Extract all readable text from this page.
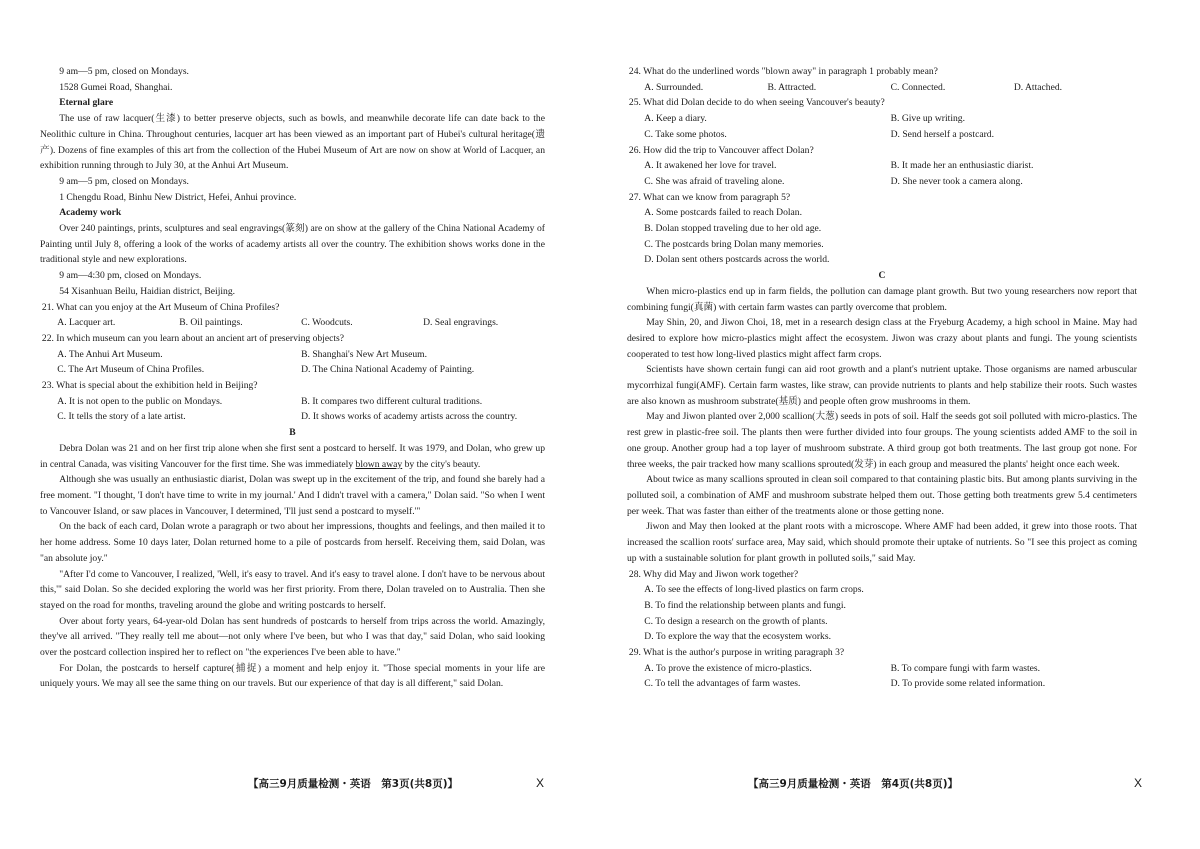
9 am—5 pm, closed on Mondays.

1528 Gumei Road, Shanghai.

Eternal glare

The use of raw lacquer(生漆) to better preserve objects, such as bowls, and meanwhile decorate life can date back to the Neolithic culture in China. Throughout centuries, lacquer art has been viewed as an important part of Hubei's cultural heritage(遗产). Dozens of fine examples of this art from the collection of the Hubei Museum of Art are now on show at World of Lacquer, an exhibition running through to July 30, at the Anhui Art Museum.

9 am—5 pm, closed on Mondays.

1 Chengdu Road, Binhu New District, Hefei, Anhui province.

Academy work

Over 240 paintings, prints, sculptures and seal engravings(篆刻) are on show at the gallery of the China National Academy of Painting until July 8, offering a look of the works of academy artists all over the country. The exhibition shows works done in the traditional style and new explorations.

9 am—4:30 pm, closed on Mondays.

54 Xisanhuan Beilu, Haidian district, Beijing.

21. What can you enjoy at the Art Museum of China Profiles?

A. Lacquer art.	B. Oil paintings.	C. Woodcuts.	D. Seal engravings.

22. In which museum can you learn about an ancient art of preserving objects?

A. The Anhui Art Museum.	B. Shanghai's New Art Museum.
C. The Art Museum of China Profiles.	D. The China National Academy of Painting.

23. What is special about the exhibition held in Beijing?

A. It is not open to the public on Mondays.	B. It compares two different cultural traditions.
C. It tells the story of a late artist.	D. It shows works of academy artists across the country.

B

Debra Dolan was 21 and on her first trip alone when she first sent a postcard to herself. It was 1979, and Dolan, who grew up in central Canada, was visiting Vancouver for the first time. She was immediately blown away by the city's beauty.

Although she was usually an enthusiastic diarist, Dolan was swept up in the excitement of the trip, and found she barely had a free moment. "I thought, 'I don't have time to write in my journal.' And I didn't travel with a camera," Dolan said. "So when I went to Vancouver Island, or saw places in Vancouver, I determined, 'I'll just send a postcard to myself.'"

On the back of each card, Dolan wrote a paragraph or two about her impressions, thoughts and feelings, and then mailed it to her home address. Some 10 days later, Dolan returned home to a pile of postcards from herself. Receiving them, said Dolan, was "an absolute joy."

"After I'd come to Vancouver, I realized, 'Well, it's easy to travel. And it's easy to travel alone. I don't have to be nervous about this,'" said Dolan. So she decided exploring the world was her first priority. From there, Dolan traveled on to Australia. Then she stayed on the road for months, traveling around the globe and writing postcards to herself.

Over about forty years, 64-year-old Dolan has sent hundreds of postcards to herself from trips across the world. Amazingly, they've all arrived. "They really tell me about—not only where I've been, but who I was that day," said Dolan, who said looking over the postcard collection inspired her to reflect on "the experiences I've been able to have."

For Dolan, the postcards to herself capture(捕捉) a moment and help enjoy it. "Those special moments in your life are uniquely yours. We may all see the same thing on our travels. But our experience of that day is all different," said Dolan.

24. What do the underlined words "blown away" in paragraph 1 probably mean?

A. Surrounded.	B. Attracted.	C. Connected.	D. Attached.

25. What did Dolan decide to do when seeing Vancouver's beauty?

A. Keep a diary.	B. Give up writing.
C. Take some photos.	D. Send herself a postcard.

26. How did the trip to Vancouver affect Dolan?

A. It awakened her love for travel.	B. It made her an enthusiastic diarist.
C. She was afraid of traveling alone.	D. She never took a camera along.

27. What can we know from paragraph 5?

A. Some postcards failed to reach Dolan.

B. Dolan stopped traveling due to her old age.

C. The postcards bring Dolan many memories.

D. Dolan sent others postcards across the world.

C

When micro-plastics end up in farm fields, the pollution can damage plant growth. But two young researchers now report that combining fungi(真菌) with certain farm wastes can partly overcome that problem.

May Shin, 20, and Jiwon Choi, 18, met in a research design class at the Fryeburg Academy, a high school in Maine. May had desired to explore how micro-plastics might affect the ecosystem. Jiwon was crazy about plants and fungi. The young scientists cooperated to test how long-lived plastics might affect farm crops.

Scientists have shown certain fungi can aid root growth and a plant's nutrient uptake. Those organisms are named arbuscular mycorrhizal fungi(AMF). Certain farm wastes, like straw, can provide nutrients to plants and help stabilize their roots. Such wastes are also known as mushroom substrate(基质) and people often grow mushrooms in them.

May and Jiwon planted over 2,000 scallion(大葱) seeds in pots of soil. Half the seeds got soil polluted with micro-plastics. The rest grew in plastic-free soil. The plants then were further divided into four groups. The young scientists added AMF to the soil in one group. Another group had a top layer of mushroom substrate. A third group got both treatments. The last group got none. For three weeks, the pair tracked how many scallions sprouted(发芽) in each group and measured the plants' height once each week.

About twice as many scallions sprouted in clean soil compared to that containing plastic bits. But among plants surviving in the polluted soil, a combination of AMF and mushroom substrate helped them out. Those getting both treatments grew 5.4 centimeters per week. That was faster than either of the treatments alone or those getting none.

Jiwon and May then looked at the plant roots with a microscope. Where AMF had been added, it grew into those roots. That increased the scallion roots' surface area, May said, which should promote their uptake of nutrients. So "I see this project as coming up with a sustainable solution for plant growth in polluted soils," said May.

28. Why did May and Jiwon work together?

A. To see the effects of long-lived plastics on farm crops.

B. To find the relationship between plants and fungi.

C. To design a research on the growth of plants.

D. To explore the way that the ecosystem works.

29. What is the author's purpose in writing paragraph 3?

A. To prove the existence of micro-plastics.	B. To compare fungi with farm wastes.
C. To tell the advantages of farm wastes.	D. To provide some related information.
【高三9月质量检测・英语　第3页(共8页)】	X	【高三9月质量检测・英语　第4页(共8页)】	X
